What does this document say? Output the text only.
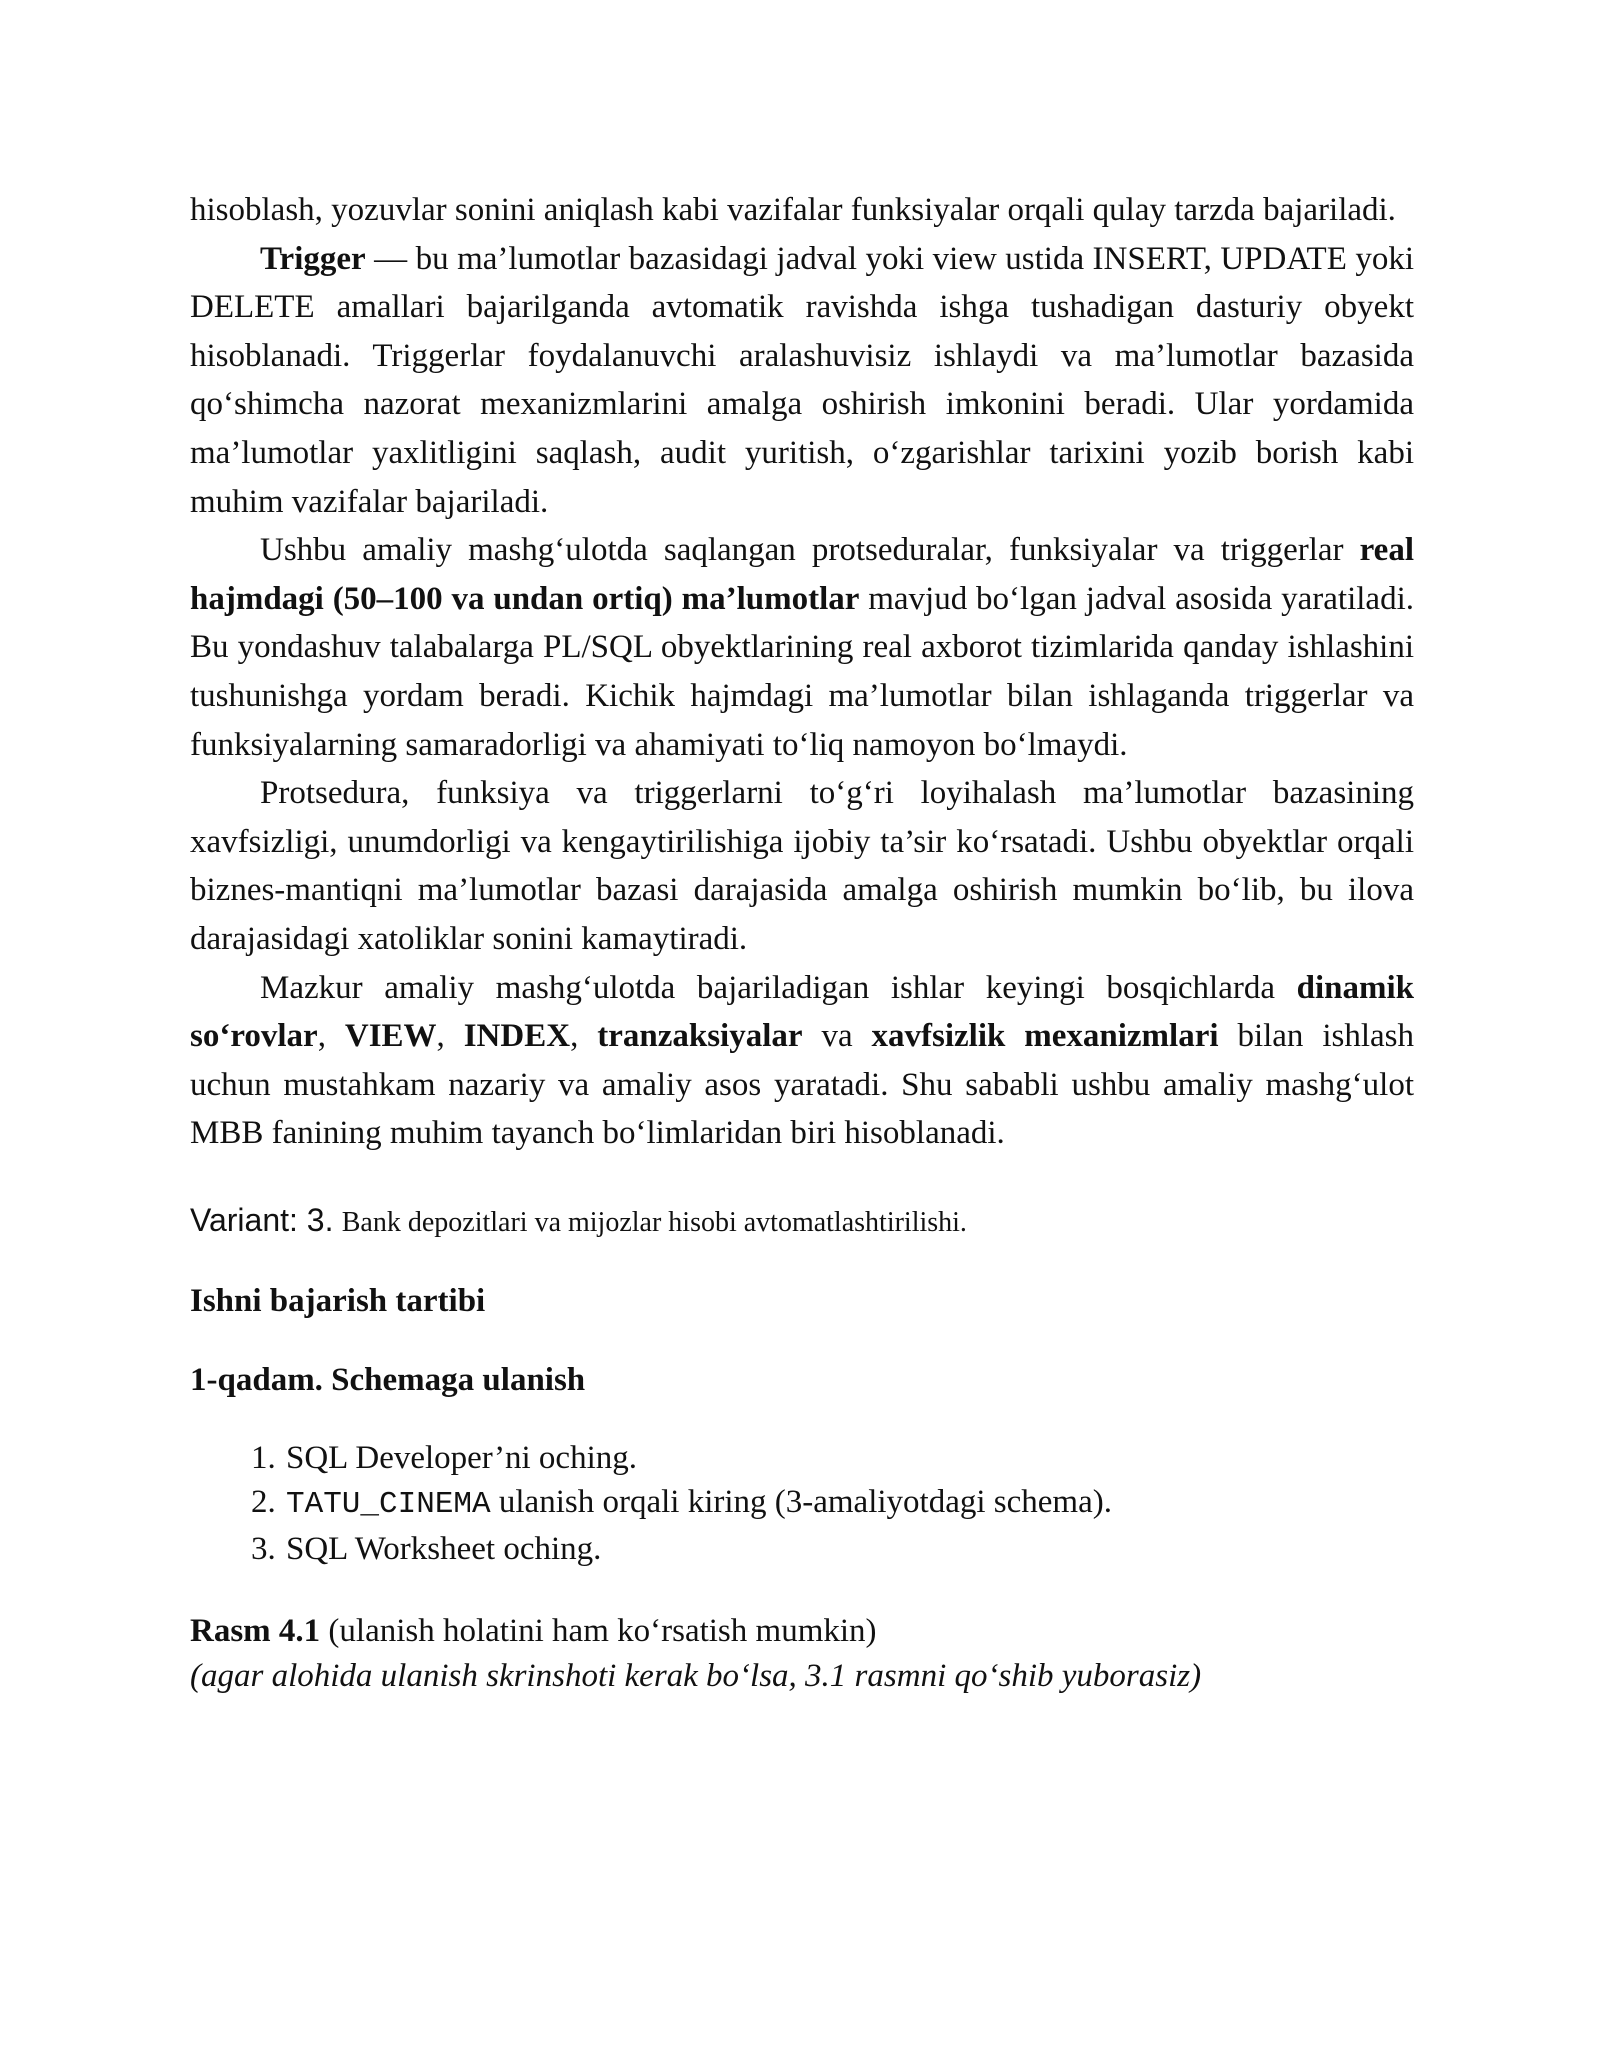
hisoblash, yozuvlar sonini aniqlash kabi vazifalar funksiyalar orqali qulay tarzda bajariladi.

Trigger — bu ma’lumotlar bazasidagi jadval yoki view ustida INSERT, UPDATE yoki DELETE amallari bajarilganda avtomatik ravishda ishga tushadigan dasturiy obyekt hisoblanadi. Triggerlar foydalanuvchi aralashuvisiz ishlaydi va ma’lumotlar bazasida qo‘shimcha nazorat mexanizmlarini amalga oshirish imkonini beradi. Ular yordamida ma’lumotlar yaxlitligini saqlash, audit yuritish, o‘zgarishlar tarixini yozib borish kabi muhim vazifalar bajariladi.

Ushbu amaliy mashg‘ulotda saqlangan protseduralar, funksiyalar va triggerlar real hajmdagi (50–100 va undan ortiq) ma’lumotlar mavjud bo‘lgan jadval asosida yaratiladi. Bu yondashuv talabalarga PL/SQL obyektlarining real axborot tizimlarida qanday ishlashini tushunishga yordam beradi. Kichik hajmdagi ma’lumotlar bilan ishlaganda triggerlar va funksiyalarning samaradorligi va ahamiyati to‘liq namoyon bo‘lmaydi.

Protsedura, funksiya va triggerlarni to‘g‘ri loyihalash ma’lumotlar bazasining xavfsizligi, unumdorligi va kengaytirilishiga ijobiy ta’sir ko‘rsatadi. Ushbu obyektlar orqali biznes-mantiqni ma’lumotlar bazasi darajasida amalga oshirish mumkin bo‘lib, bu ilova darajasidagi xatoliklar sonini kamaytiradi.

Mazkur amaliy mashg‘ulotda bajariladigan ishlar keyingi bosqichlarda dinamik so‘rovlar, VIEW, INDEX, tranzaksiyalar va xavfsizlik mexanizmlari bilan ishlash uchun mustahkam nazariy va amaliy asos yaratadi. Shu sababli ushbu amaliy mashg‘ulot MBB fanining muhim tayanch bo‘limlaridan biri hisoblanadi.

Variant: 3. Bank depozitlari va mijozlar hisobi avtomatlashtirilishi.

Ishni bajarish tartibi
1-qadam. Schemaga ulanish
1. SQL Developer’ni oching.
2. TATU_CINEMA ulanish orqali kiring (3-amaliyotdagi schema).
3. SQL Worksheet oching.
Rasm 4.1 (ulanish holatini ham ko‘rsatish mumkin)
(agar alohida ulanish skrinshoti kerak bo‘lsa, 3.1 rasmni qo‘shib yuborasiz)
